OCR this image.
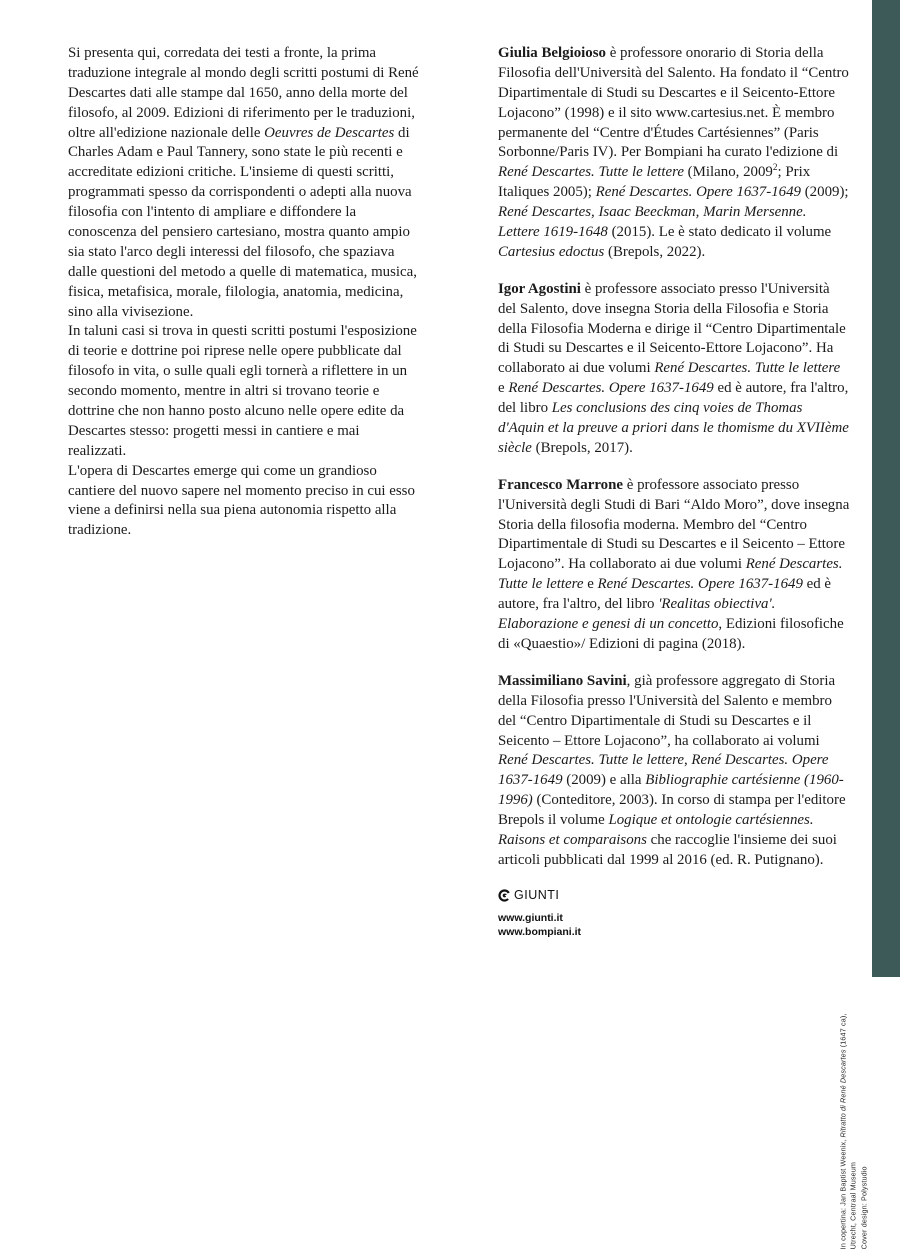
Si presenta qui, corredata dei testi a fronte, la prima traduzione integrale al mondo degli scritti postumi di René Descartes dati alle stampe dal 1650, anno della morte del filosofo, al 2009. Edizioni di riferimento per le traduzioni, oltre all'edizione nazionale delle Oeuvres de Descartes di Charles Adam e Paul Tannery, sono state le più recenti e accreditate edizioni critiche. L'insieme di questi scritti, programmati spesso da corrispondenti o adepti alla nuova filosofia con l'intento di ampliare e diffondere la conoscenza del pensiero cartesiano, mostra quanto ampio sia stato l'arco degli interessi del filosofo, che spaziava dalle questioni del metodo a quelle di matematica, musica, fisica, metafisica, morale, filologia, anatomia, medicina, sino alla vivisezione.

In taluni casi si trova in questi scritti postumi l'esposizione di teorie e dottrine poi riprese nelle opere pubblicate dal filosofo in vita, o sulle quali egli tornerà a riflettere in un secondo momento, mentre in altri si trovano teorie e dottrine che non hanno posto alcuno nelle opere edite da Descartes stesso: progetti messi in cantiere e mai realizzati.

L'opera di Descartes emerge qui come un grandioso cantiere del nuovo sapere nel momento preciso in cui esso viene a definirsi nella sua piena autonomia rispetto alla tradizione.

Giulia Belgioioso è professore onorario di Storia della Filosofia dell'Università del Salento. Ha fondato il “Centro Dipartimentale di Studi su Descartes e il Seicento-Ettore Lojacono” (1998) e il sito www.cartesius.net. È membro permanente del “Centre d'Études Cartésiennes” (Paris Sorbonne/Paris IV). Per Bompiani ha curato l'edizione di René Descartes. Tutte le lettere (Milano, 2009$^2$; Prix Italiques 2005); René Descartes. Opere 1637-1649 (2009); René Descartes, Isaac Beeckman, Marin Mersenne. Lettere 1619-1648 (2015). Le è stato dedicato il volume Cartesius edoctus (Brepols, 2022).
Igor Agostini è professore associato presso l'Università del Salento, dove insegna Storia della Filosofia e Storia della Filosofia Moderna e dirige il “Centro Dipartimentale di Studi su Descartes e il Seicento-Ettore Lojacono”. Ha collaborato ai due volumi René Descartes. Tutte le lettere e René Descartes. Opere 1637-1649 ed è autore, fra l'altro, del libro Les conclusions des cinq voies de Thomas d'Aquin et la preuve a priori dans le thomisme du XVIIème siècle (Brepols, 2017).
Francesco Marrone è professore associato presso l'Università degli Studi di Bari “Aldo Moro”, dove insegna Storia della filosofia moderna. Membro del “Centro Dipartimentale di Studi su Descartes e il Seicento – Ettore Lojacono”. Ha collaborato ai due volumi René Descartes. Tutte le lettere e René Descartes. Opere 1637-1649 ed è autore, fra l'altro, del libro 'Realitas obiectiva'. Elaborazione e genesi di un concetto, Edizioni filosofiche di «Quaestio»/ Edizioni di pagina (2018).
Massimiliano Savini, già professore aggregato di Storia della Filosofia presso l'Università del Salento e membro del “Centro Dipartimentale di Studi su Descartes e il Seicento – Ettore Lojacono”, ha collaborato ai volumi René Descartes. Tutte le lettere, René Descartes. Opere 1637-1649 (2009) e alla Bibliographie cartésienne (1960-1996) (Conteditore, 2003). In corso di stampa per l'editore Brepols il volume Logique et ontologie cartésiennes. Raisons et comparaisons che raccoglie l'insieme dei suoi articoli pubblicati dal 1999 al 2016 (ed. R. Putignano).
GIUNTI
www.giunti.it
www.bompiani.it
In copertina: Jan Baptist Weenix, Ritratto di René Descartes (1647 ca),
Utrecht, Centraal Museum Cover design: Polystudio
